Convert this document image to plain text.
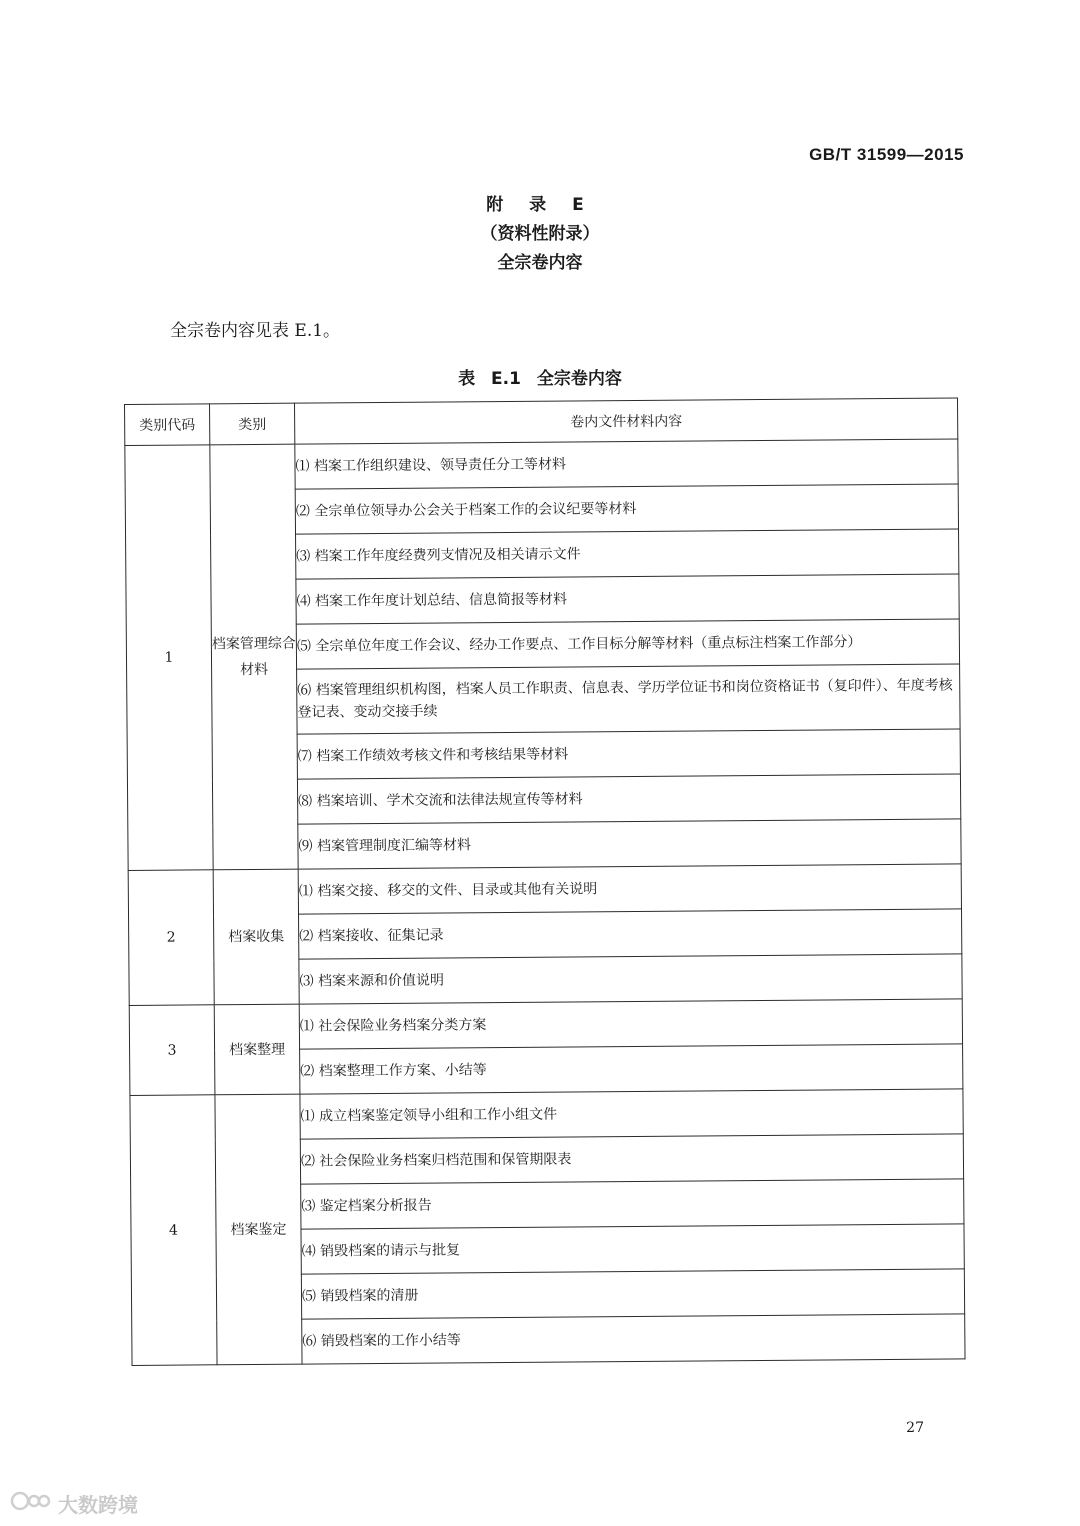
GB/T 31599—2015
附 录 E
（资料性附录）
全宗卷内容
全宗卷内容见表 E.1。
表 E.1 全宗卷内容
类别代码	类别	卷内文件材料内容
1	档案管理综合材料	⑴ 档案工作组织建设、领导责任分工等材料
		⑵ 全宗单位领导办公会关于档案工作的会议纪要等材料
		⑶ 档案工作年度经费列支情况及相关请示文件
		⑷ 档案工作年度计划总结、信息简报等材料
		⑸ 全宗单位年度工作会议、经办工作要点、工作目标分解等材料（重点标注档案工作部分）
		⑹ 档案管理组织机构图，档案人员工作职责、信息表、学历学位证书和岗位资格证书（复印件）、年度考核登记表、变动交接手续
		⑺ 档案工作绩效考核文件和考核结果等材料
		⑻ 档案培训、学术交流和法律法规宣传等材料
		⑼ 档案管理制度汇编等材料
2	档案收集	⑴ 档案交接、移交的文件、目录或其他有关说明
		⑵ 档案接收、征集记录
		⑶ 档案来源和价值说明
3	档案整理	⑴ 社会保险业务档案分类方案
		⑵ 档案整理工作方案、小结等
4	档案鉴定	⑴ 成立档案鉴定领导小组和工作小组文件
		⑵ 社会保险业务档案归档范围和保管期限表
		⑶ 鉴定档案分析报告
		⑷ 销毁档案的请示与批复
		⑸ 销毁档案的清册
		⑹ 销毁档案的工作小结等
27
大数跨境
